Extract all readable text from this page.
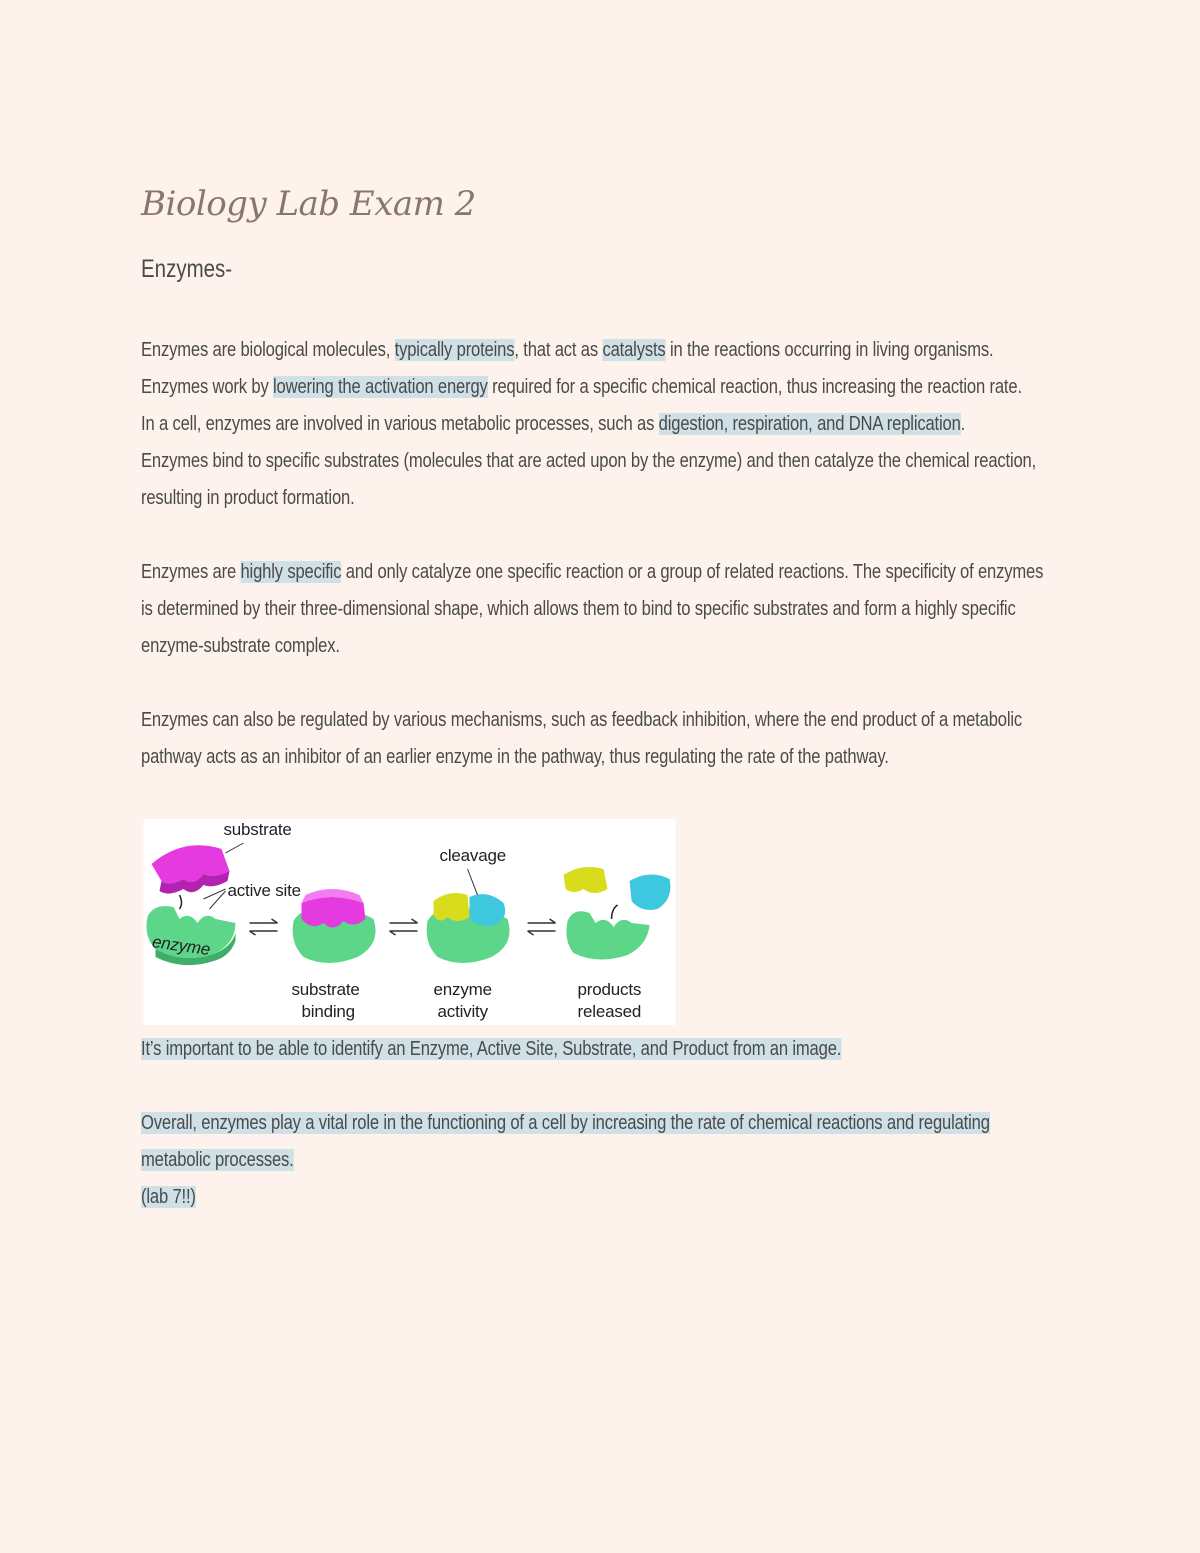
Biology Lab Exam 2
Enzymes-

Enzymes are biological molecules, typically proteins, that act as catalysts in the reactions occurring in living organisms. Enzymes work by lowering the activation energy required for a specific chemical reaction, thus increasing the reaction rate.

In a cell, enzymes are involved in various metabolic processes, such as digestion, respiration, and DNA replication.

Enzymes bind to specific substrates (molecules that are acted upon by the enzyme) and then catalyze the chemical reaction, resulting in product formation.

Enzymes are highly specific and only catalyze one specific reaction or a group of related reactions. The specificity of enzymes is determined by their three-dimensional shape, which allows them to bind to specific substrates and form a highly specific enzyme-substrate complex.

Enzymes can also be regulated by various mechanisms, such as feedback inhibition, where the end product of a metabolic pathway acts as an inhibitor of an earlier enzyme in the pathway, thus regulating the rate of the pathway.

substrate
active site
enzyme
substrate
binding
cleavage
enzyme
activity
products
released

It’s important to be able to identify an Enzyme, Active Site, Substrate, and Product from an image.

Overall, enzymes play a vital role in the functioning of a cell by increasing the rate of chemical reactions and regulating metabolic processes.

(lab 7!!)
